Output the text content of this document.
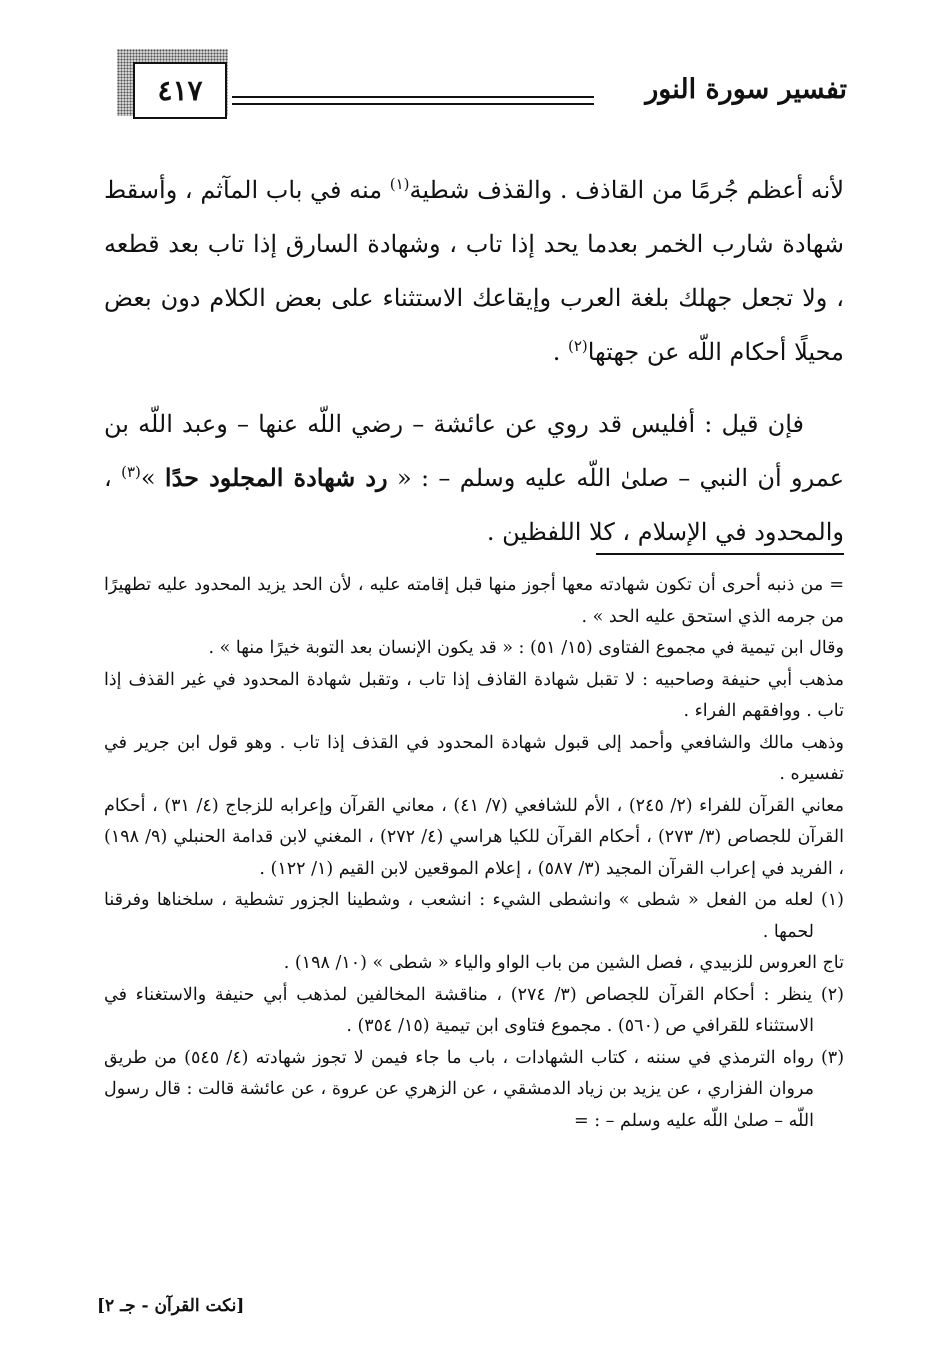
تفسير سورة النور
٤١٧

لأنه أعظم جُرمًا من القاذف . والقذف شطية$^{(١)}$ منه في باب المآثم ، وأسقط شهادة شارب الخمر بعدما يحد إذا تاب ، وشهادة السارق إذا تاب بعد قطعه ، ولا تجعل جهلك بلغة العرب وإيقاعك الاستثناء على بعض الكلام دون بعض محيلًا أحكام اللّه عن جهتها$^{(٢)}$ .

فإن قيل : أفليس قد روي عن عائشة – رضي اللّه عنها – وعبد اللّه بن عمرو أن النبي – صلىٰ اللّه عليه وسلم – : « رد شهادة المجلود حدًا »$^{(٣)}$ ، والمحدود في الإسلام ، كلا اللفظين .

= من ذنبه أحرى أن تكون شهادته معها أجوز منها قبل إقامته عليه ، لأن الحد يزيد المحدود عليه تطهيرًا من جرمه الذي استحق عليه الحد » .

وقال ابن تيمية في مجموع الفتاوى (١٥/ ٥١) : « قد يكون الإنسان بعد التوبة خيرًا منها » .

مذهب أبي حنيفة وصاحبيه : لا تقبل شهادة القاذف إذا تاب ، وتقبل شهادة المحدود في غير القذف إذا تاب . ووافقهم الفراء .

وذهب مالك والشافعي وأحمد إلى قبول شهادة المحدود في القذف إذا تاب . وهو قول ابن جرير في تفسيره .

معاني القرآن للفراء (٢/ ٢٤٥) ، الأم للشافعي (٧/ ٤١) ، معاني القرآن وإعرابه للزجاج (٤/ ٣١) ، أحكام القرآن للجصاص (٣/ ٢٧٣) ، أحكام القرآن للكيا هراسي (٤/ ٢٧٢) ، المغني لابن قدامة الحنبلي (٩/ ١٩٨) ، الفريد في إعراب القرآن المجيد (٣/ ٥٨٧) ، إعلام الموقعين لابن القيم (١/ ١٢٢) .

(١) لعله من الفعل « شطى » وانشطى الشيء : انشعب ، وشطينا الجزور تشطية ، سلخناها وفرقنا لحمها .

تاج العروس للزبيدي ، فصل الشين من باب الواو والياء « شطى » (١٠/ ١٩٨) .

(٢) ينظر : أحكام القرآن للجصاص (٣/ ٢٧٤) ، مناقشة المخالفين لمذهب أبي حنيفة والاستغناء في الاستثناء للقرافي ص (٥٦٠) . مجموع فتاوى ابن تيمية (١٥/ ٣٥٤) .

(٣) رواه الترمذي في سننه ، كتاب الشهادات ، باب ما جاء فيمن لا تجوز شهادته (٤/ ٥٤٥) من طريق مروان الفزاري ، عن يزيد بن زياد الدمشقي ، عن الزهري عن عروة ، عن عائشة قالت : قال رسول اللّه – صلىٰ اللّه عليه وسلم – : =

[نكت القرآن - جـ ٢]
